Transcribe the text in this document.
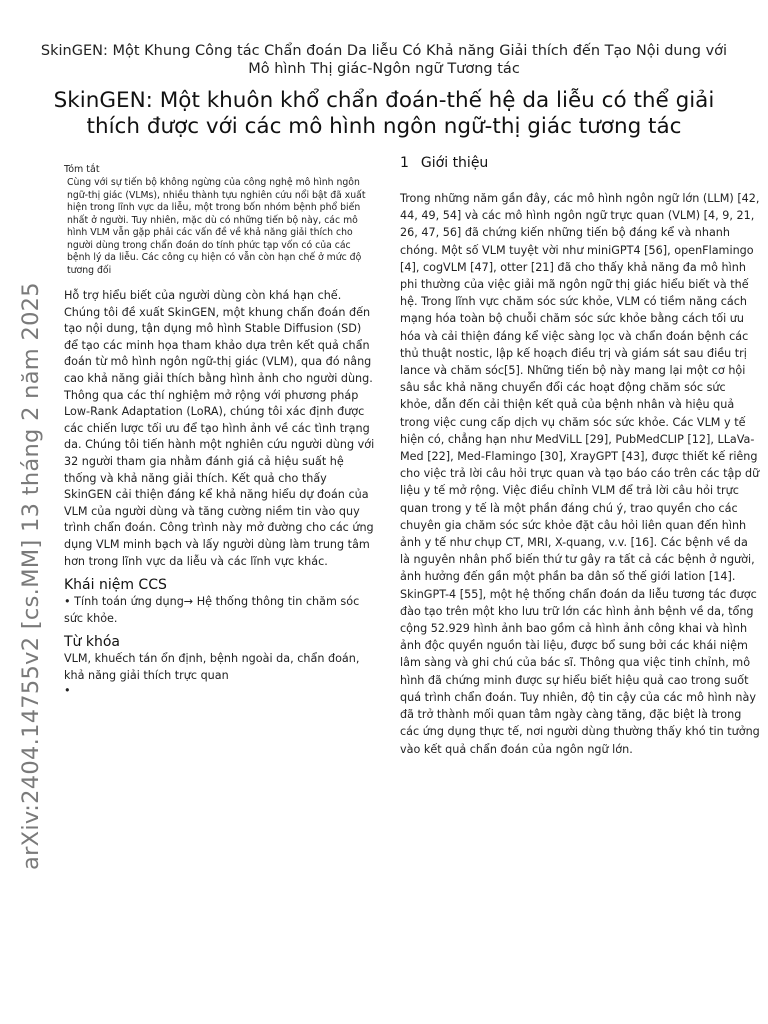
SkinGEN: Một Khung Công tác Chẩn đoán Da liễu Có Khả năng Giải thích đến Tạo Nội dung với Mô hình Thị giác-Ngôn ngữ Tương tác
SkinGEN: Một khuôn khổ chẩn đoán-thế hệ da liễu có thể giải thích được với các mô hình ngôn ngữ-thị giác tương tác
arXiv:2404.14755v2 [cs.MM] 13 tháng 2 năm 2025
Tóm tắt
Cùng với sự tiến bộ không ngừng của công nghệ mô hình ngôn ngữ-thị giác (VLMs), nhiều thành tựu nghiên cứu nổi bật đã xuất hiện trong lĩnh vực da liễu, một trong bốn nhóm bệnh phổ biến nhất ở người. Tuy nhiên, mặc dù có những tiến bộ này, các mô hình VLM vẫn gặp phải các vấn đề về khả năng giải thích cho người dùng trong chẩn đoán do tính phức tạp vốn có của các bệnh lý da liễu. Các công cụ hiện có vẫn còn hạn chế ở mức độ tương đối
Hỗ trợ hiểu biết của người dùng còn khá hạn chế. Chúng tôi đề xuất SkinGEN, một khung chẩn đoán đến tạo nội dung, tận dụng mô hình Stable Diffusion (SD) để tạo các minh họa tham khảo dựa trên kết quả chẩn đoán từ mô hình ngôn ngữ-thị giác (VLM), qua đó nâng cao khả năng giải thích bằng hình ảnh cho người dùng. Thông qua các thí nghiệm mở rộng với phương pháp Low-Rank Adaptation (LoRA), chúng tôi xác định được các chiến lược tối ưu để tạo hình ảnh về các tình trạng da. Chúng tôi tiến hành một nghiên cứu người dùng với 32 người tham gia nhằm đánh giá cả hiệu suất hệ thống và khả năng giải thích. Kết quả cho thấy SkinGEN cải thiện đáng kể khả năng hiểu dự đoán của VLM của người dùng và tăng cường niềm tin vào quy trình chẩn đoán. Công trình này mở đường cho các ứng dụng VLM minh bạch và lấy người dùng làm trung tâm hơn trong lĩnh vực da liễu và các lĩnh vực khác.
Khái niệm CCS
• Tính toán ứng dụng→ Hệ thống thông tin chăm sóc sức khỏe.
Từ khóa
VLM, khuếch tán ổn định, bệnh ngoài da, chẩn đoán, khả năng giải thích trực quan
•
1 Giới thiệu
Trong những năm gần đây, các mô hình ngôn ngữ lớn (LLM) [42, 44, 49, 54] và các mô hình ngôn ngữ trực quan (VLM) [4, 9, 21, 26, 47, 56] đã chứng kiến những tiến bộ đáng kể và nhanh chóng. Một số VLM tuyệt vời như miniGPT4 [56], openFlamingo [4], cogVLM [47], otter [21] đã cho thấy khả năng đa mô hình phi thường của việc giải mã ngôn ngữ thị giác hiểu biết và thế hệ. Trong lĩnh vực chăm sóc sức khỏe, VLM có tiềm năng cách mạng hóa toàn bộ chuỗi chăm sóc sức khỏe bằng cách tối ưu hóa và cải thiện đáng kể việc sàng lọc và chẩn đoán bệnh các thủ thuật nostic, lập kế hoạch điều trị và giám sát sau điều trị lance và chăm sóc[5]. Những tiến bộ này mang lại một cơ hội sâu sắc khả năng chuyển đổi các hoạt động chăm sóc sức khỏe, dẫn đến cải thiện kết quả của bệnh nhân và hiệu quả trong việc cung cấp dịch vụ chăm sóc sức khỏe. Các VLM y tế hiện có, chẳng hạn như MedViLL [29], PubMedCLIP [12], LLaVa-Med [22], Med-Flamingo [30], XrayGPT [43], được thiết kế riêng cho việc trả lời câu hỏi trực quan và tạo báo cáo trên các tập dữ liệu y tế mở rộng. Việc điều chỉnh VLM để trả lời câu hỏi trực quan trong y tế là một phần đáng chú ý, trao quyền cho các chuyên gia chăm sóc sức khỏe đặt câu hỏi liên quan đến hình ảnh y tế như chụp CT, MRI, X-quang, v.v. [16]. Các bệnh về da là nguyên nhân phổ biến thứ tư gây ra tất cả các bệnh ở người, ảnh hưởng đến gần một phần ba dân số thế giới lation [14]. SkinGPT-4 [55], một hệ thống chẩn đoán da liễu tương tác được đào tạo trên một kho lưu trữ lớn các hình ảnh bệnh về da, tổng cộng 52.929 hình ảnh bao gồm cả hình ảnh công khai và hình ảnh độc quyền nguồn tài liệu, được bổ sung bởi các khái niệm lâm sàng và ghi chú của bác sĩ. Thông qua việc tinh chỉnh, mô hình đã chứng minh được sự hiểu biết hiệu quả cao trong suốt quá trình chẩn đoán. Tuy nhiên, độ tin cậy của các mô hình này đã trở thành mối quan tâm ngày càng tăng, đặc biệt là trong các ứng dụng thực tế, nơi người dùng thường thấy khó tin tưởng vào kết quả chẩn đoán của ngôn ngữ lớn.
